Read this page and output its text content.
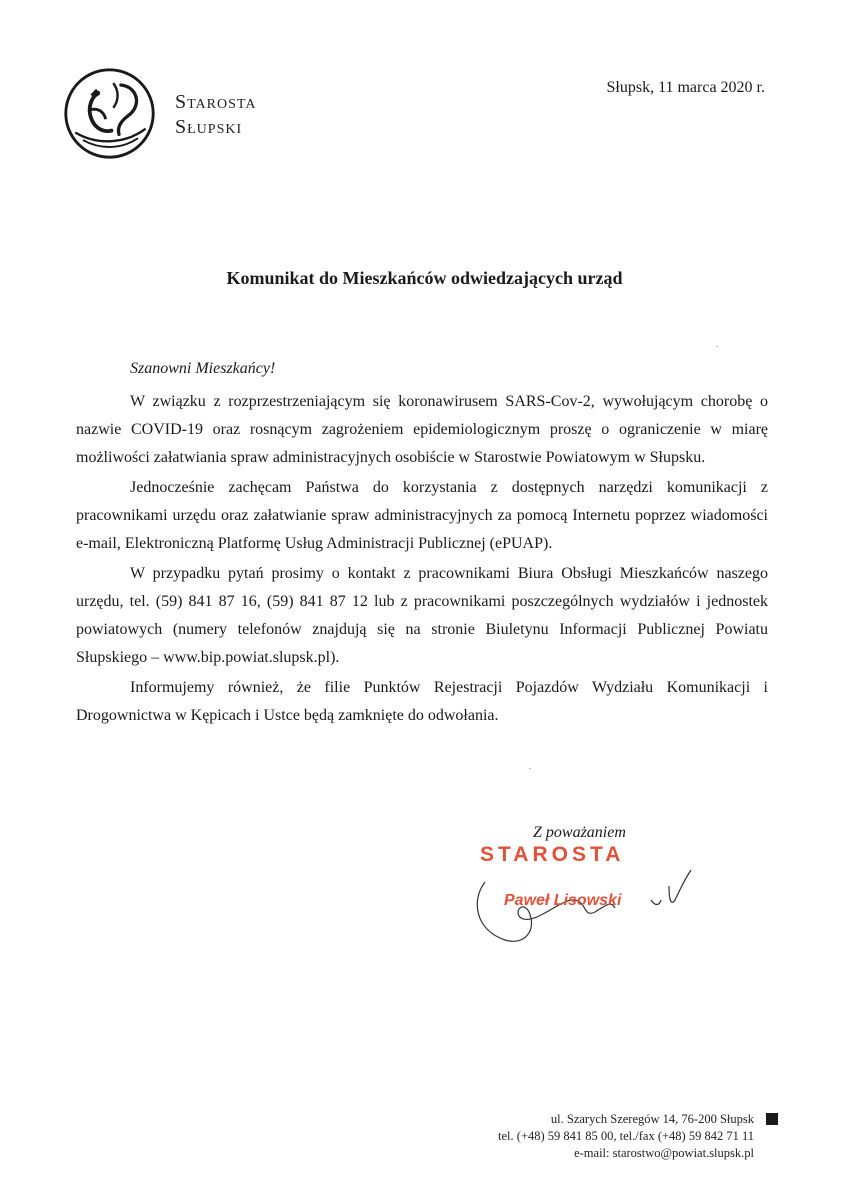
Starosta
Słupski
Słupsk, 11 marca 2020 r.
Komunikat do Mieszkańców odwiedzających urząd
Szanowni Mieszkańcy!

W związku z rozprzestrzeniającym się koronawirusem SARS-Cov-2, wywołującym chorobę o nazwie COVID-19 oraz rosnącym zagrożeniem epidemiologicznym proszę o ograniczenie w miarę możliwości załatwiania spraw administracyjnych osobiście w Starostwie Powiatowym w Słupsku.

Jednocześnie zachęcam Państwa do korzystania z dostępnych narzędzi komunikacji z pracownikami urzędu oraz załatwianie spraw administracyjnych za pomocą Internetu poprzez wiadomości e-mail, Elektroniczną Platformę Usług Administracji Publicznej (ePUAP).

W przypadku pytań prosimy o kontakt z pracownikami Biura Obsługi Mieszkańców naszego urzędu, tel. (59) 841 87 16, (59) 841 87 12 lub z pracownikami poszczególnych wydziałów i jednostek powiatowych (numery telefonów znajdują się na stronie Biuletynu Informacji Publicznej Powiatu Słupskiego – www.bip.powiat.slupsk.pl).

Informujemy również, że filie Punktów Rejestracji Pojazdów Wydziału Komunikacji i Drogownictwa w Kępicach i Ustce będą zamknięte do odwołania.

Z poważaniem
STAROSTA
Paweł Lisowski
ul. Szarych Szeregów 14, 76-200 Słupsk
tel. (+48) 59 841 85 00, tel./fax (+48) 59 842 71 11
e-mail: starostwo@powiat.slupsk.pl
